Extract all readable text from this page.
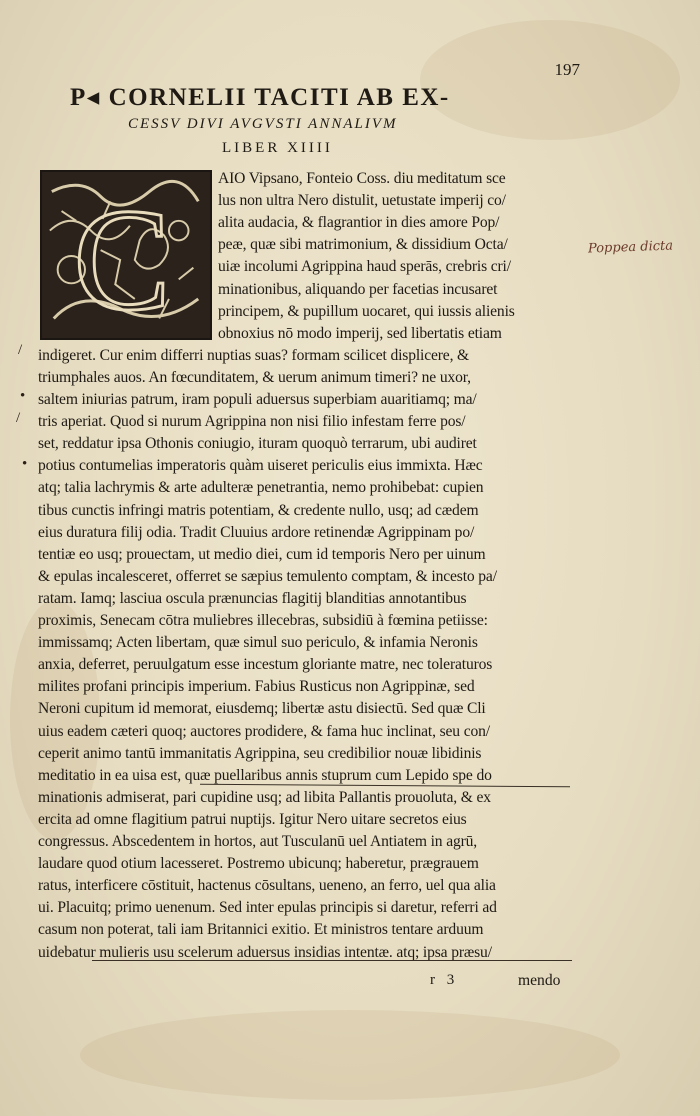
197
P◂ CORNELII TACITI AB EX-
CESSV DIVI AVGVSTI ANNALIVM
LIBER XIIII
C	AIO Vipsano, Fonteio Coss. diu meditatum sce
lus non ultra Nero distulit, uetustate imperij co/
alita audacia, & flagrantior in dies amore Pop/
peæ, quæ sibi matrimonium, & dissidium Octa/
uiæ incolumi Agrippina haud sperās, crebris cri/
minationibus, aliquando per facetias incusaret
principem, & pupillum uocaret, qui iussis alienis
obnoxius nō modo imperij, sed libertatis etiam
indigeret. Cur enim differri nuptias suas? formam scilicet displicere, &
triumphales auos. An fœcunditatem, & uerum animum timeri? ne uxor,
saltem iniurias patrum, iram populi aduersus superbiam auaritiamq; ma/
tris aperiat. Quod si nurum Agrippina non nisi filio infestam ferre pos/
set, reddatur ipsa Othonis coniugio, ituram quoquò terrarum, ubi audiret
potius contumelias imperatoris quàm uiseret periculis eius immixta. Hæc
atq; talia lachrymis & arte adulteræ penetrantia, nemo prohibebat: cupien
tibus cunctis infringi matris potentiam, & credente nullo, usq; ad cædem
eius duratura filij odia. Tradit Cluuius ardore retinendæ Agrippinam po/
tentiæ eo usq; prouectam, ut medio diei, cum id temporis Nero per uinum
& epulas incalesceret, offerret se sæpius temulento comptam, & incesto pa/
ratam. Iamq; lasciua oscula prænuncias flagitij blanditias annotantibus
proximis, Senecam cōtra muliebres illecebras, subsidiū à fœmina petiisse:
immissamq; Acten libertam, quæ simul suo periculo, & infamia Neronis
anxia, deferret, peruulgatum esse incestum gloriante matre, nec toleraturos
milites profani principis imperium. Fabius Rusticus non Agrippinæ, sed
Neroni cupitum id memorat, eiusdemq; libertæ astu disiectū. Sed quæ Cli
uius eadem cæteri quoq; auctores prodidere, & fama huc inclinat, seu con/
ceperit animo tantū immanitatis Agrippina, seu credibilior nouæ libidinis
meditatio in ea uisa est, quæ puellaribus annis stuprum cum Lepido spe do
minationis admiserat, pari cupidine usq; ad libita Pallantis prouoluta, & ex
ercita ad omne flagitium patrui nuptijs. Igitur Nero uitare secretos eius
congressus. Abscedentem in hortos, aut Tusculanū uel Antiatem in agrū,
laudare quod otium lacesseret. Postremo ubicunq; haberetur, prægrauem
ratus, interficere cōstituit, hactenus cōsultans, ueneno, an ferro, uel qua alia
ui. Placuitq; primo uenenum. Sed inter epulas principis si daretur, referri ad
casum non poterat, tali iam Britannici exitio. Et ministros tentare arduum
uidebatur mulieris usu scelerum aduersus insidias intentæ. atq; ipsa præsu/
Poppea dicta
/
•
/
•
r 3	mendo
